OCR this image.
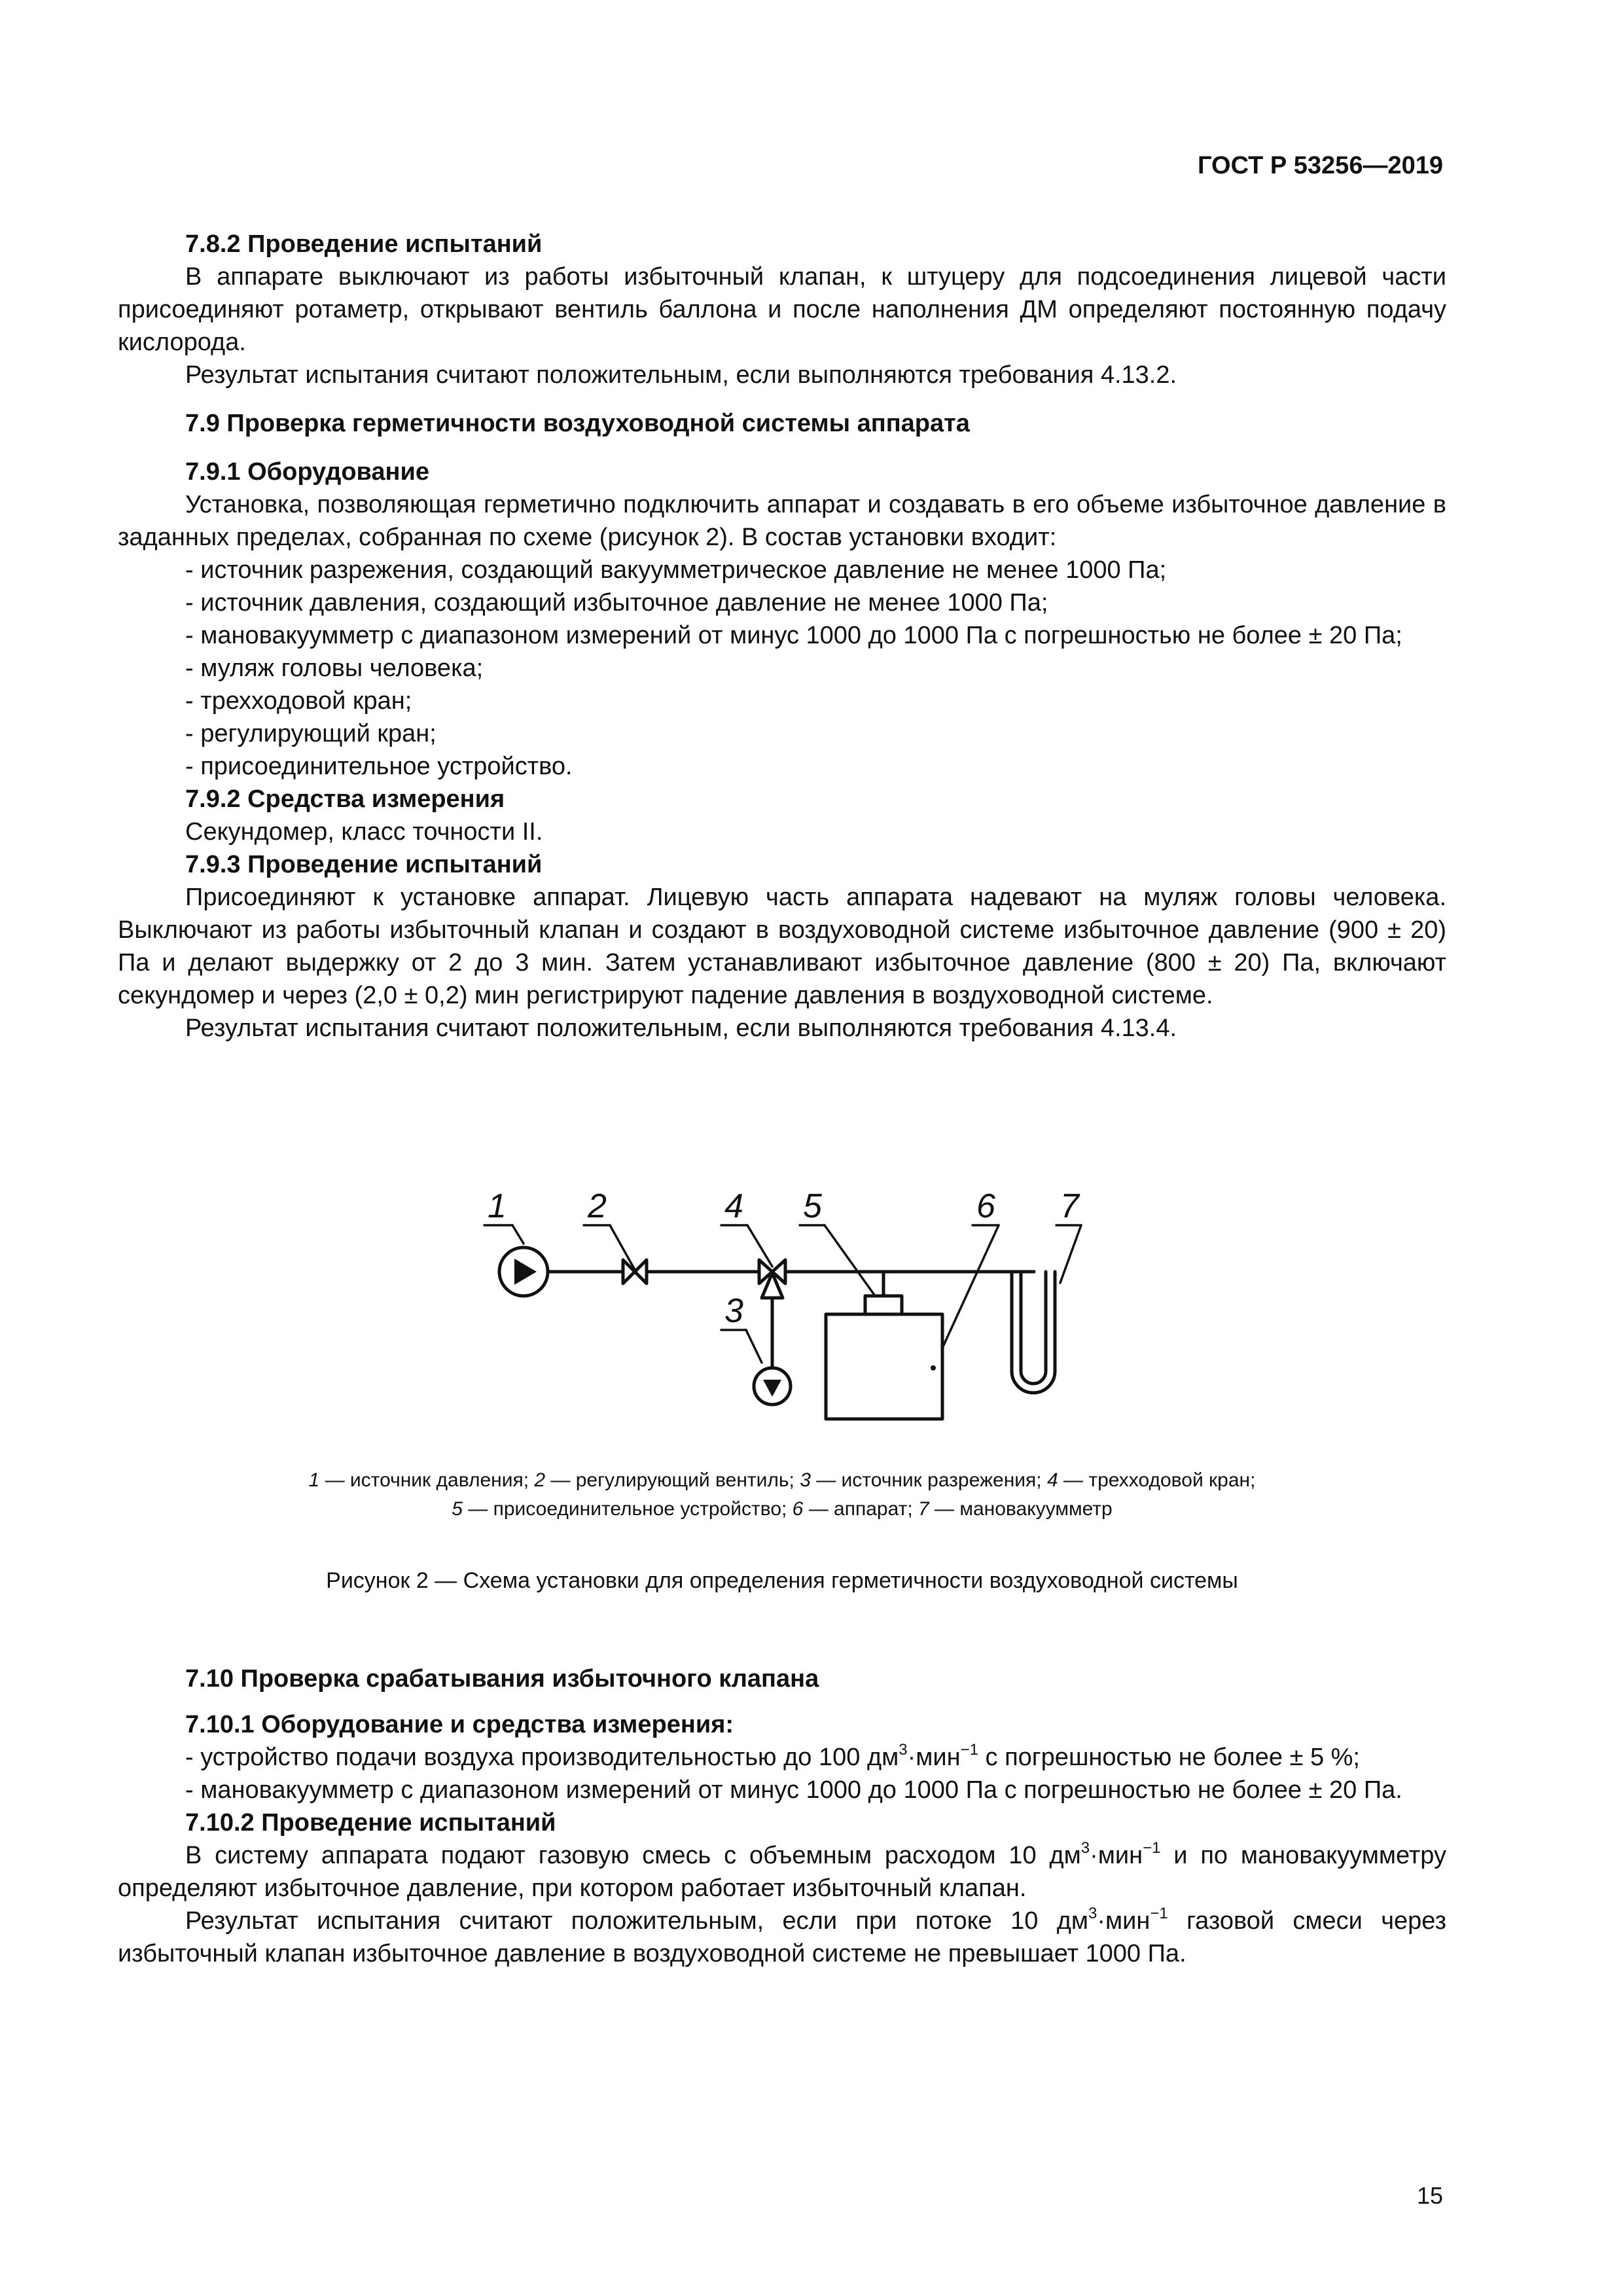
ГОСТ Р 53256—2019

7.8.2 Проведение испытаний

В аппарате выключают из работы избыточный клапан, к штуцеру для подсоединения лицевой части присоединяют ротаметр, открывают вентиль баллона и после наполнения ДМ определяют постоянную подачу кислорода.

Результат испытания считают положительным, если выполняются требования 4.13.2.

7.9 Проверка герметичности воздуховодной системы аппарата

7.9.1 Оборудование

Установка, позволяющая герметично подключить аппарат и создавать в его объеме избыточное давление в заданных пределах, собранная по схеме (рисунок 2). В состав установки входит:

- источник разрежения, создающий вакуумметрическое давление не менее 1000 Па;

- источник давления, создающий избыточное давление не менее 1000 Па;

- мановакуумметр с диапазоном измерений от минус 1000 до 1000 Па с погрешностью не более ± 20 Па;

- муляж головы человека;

- трехходовой кран;

- регулирующий кран;

- присоединительное устройство.

7.9.2 Средства измерения

Секундомер, класс точности II.

7.9.3 Проведение испытаний

Присоединяют к установке аппарат. Лицевую часть аппарата надевают на муляж головы человека. Выключают из работы избыточный клапан и создают в воздуховодной системе избыточное давление (900 ± 20) Па и делают выдержку от 2 до 3 мин. Затем устанавливают избыточное давление (800 ± 20) Па, включают секундомер и через (2,0 ± 0,2) мин регистрируют падение давления в воздуховодной системе.

Результат испытания считают положительным, если выполняются требования 4.13.4.

1 2
3
4 5	6 7
1 — источник давления; 2 — регулирующий вентиль; 3 — источник разрежения; 4 — трехходовой кран;
5 — присоединительное устройство; 6 — аппарат; 7 — мановакуумметр
Рисунок 2 — Схема установки для определения герметичности воздуховодной системы

7.10 Проверка срабатывания избыточного клапана

7.10.1 Оборудование и средства измерения:

- устройство подачи воздуха производительностью до 100 $дм^3\cdot мин^{-1}$ с погрешностью не более ± 5 %;

- мановакуумметр с диапазоном измерений от минус 1000 до 1000 Па с погрешностью не более ± 20 Па.

7.10.2 Проведение испытаний

В систему аппарата подают газовую смесь с объемным расходом 10 $дм^3\cdot мин^{-1}$ и по мановакуумметру определяют избыточное давление, при котором работает избыточный клапан.

Результат испытания считают положительным, если при потоке 10 $дм^3\cdot мин^{-1}$ газовой смеси через избыточный клапан избыточное давление в воздуховодной системе не превышает 1000 Па.

15
